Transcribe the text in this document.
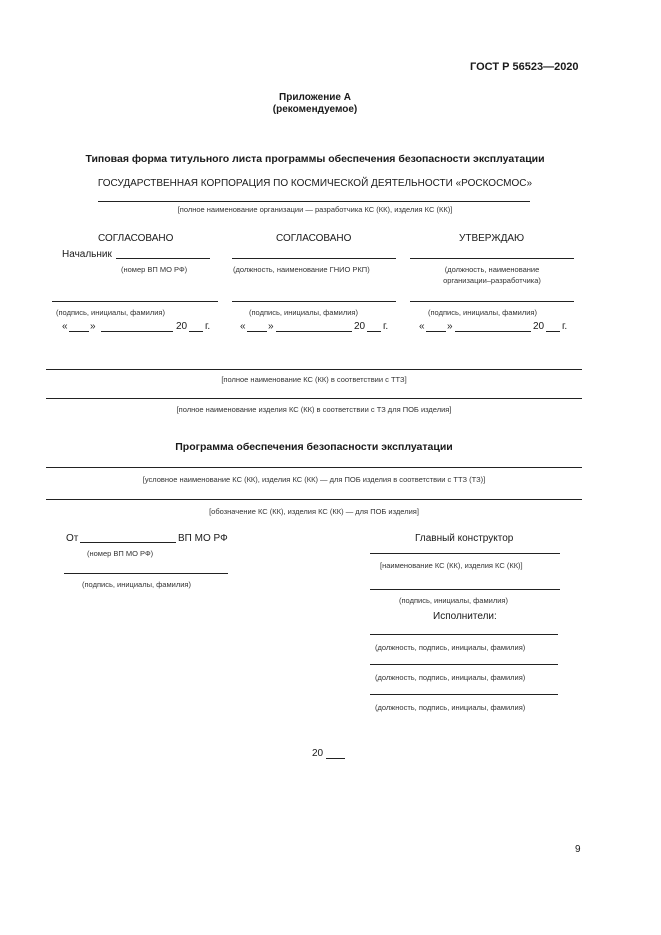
ГОСТ Р 56523—2020
Приложение А
(рекомендуемое)
Типовая форма титульного листа программы обеспечения безопасности эксплуатации
ГОСУДАРСТВЕННАЯ КОРПОРАЦИЯ ПО КОСМИЧЕСКОЙ ДЕЯТЕЛЬНОСТИ «РОСКОСМОС»
[полное наименование организации — разработчика КС (КК), изделия КС (КК)]
СОГЛАСОВАНО
Начальник
(номер ВП МО РФ)
(подпись, инициалы, фамилия)
« »	20 г.
СОГЛАСОВАНО
(должность, наименование ГНИО РКП)
(подпись, инициалы, фамилия)
« »	20 г.
УТВЕРЖДАЮ
(должность, наименование
организации–разработчика)
(подпись, инициалы, фамилия)
« »	20 г.
[полное наименование КС (КК) в соответствии с ТТЗ]
[полное наименование изделия КС (КК) в соответствии с ТЗ для ПОБ изделия]
Программа обеспечения безопасности эксплуатации
[условное наименование КС (КК), изделия КС (КК) — для ПОБ изделия в соответствии с ТТЗ (ТЗ)]
[обозначение КС (КК), изделия КС (КК) — для ПОБ изделия]
От	ВП МО РФ
(номер ВП МО РФ)
(подпись, инициалы, фамилия)
Главный конструктор
[наименование КС (КК), изделия КС (КК)]
(подпись, инициалы, фамилия)
Исполнители:
(должность, подпись, инициалы, фамилия)
(должность, подпись, инициалы, фамилия)
(должность, подпись, инициалы, фамилия)
20
9
